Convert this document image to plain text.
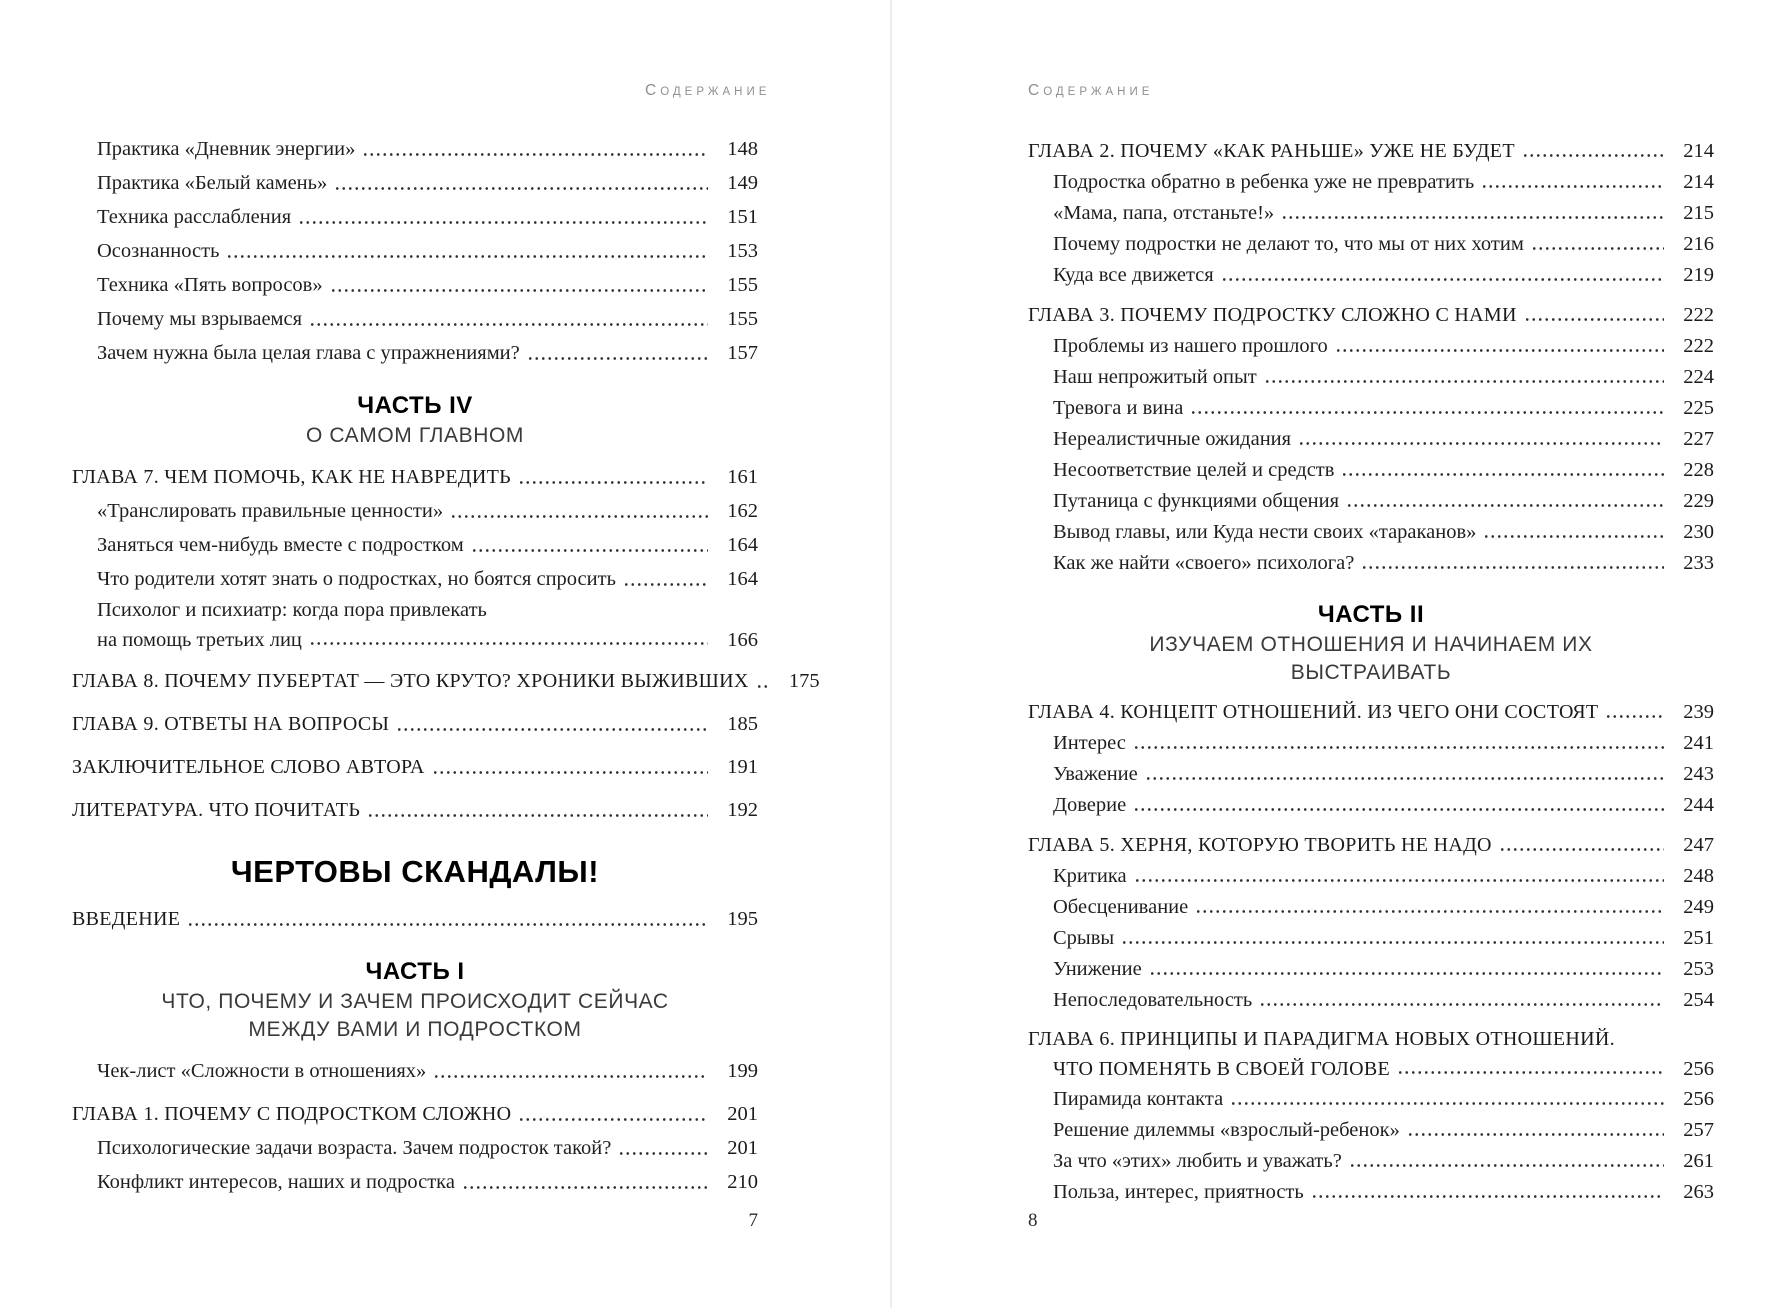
СОДЕРЖАНИЕ
Практика «Дневник энергии»	148
Практика «Белый камень»	149
Техника расслабления	151
Осознанность	153
Техника «Пять вопросов»	155
Почему мы взрываемся	155
Зачем нужна была целая глава с упражнениями?	157
ЧАСТЬ IV
О САМОМ ГЛАВНОМ
ГЛАВА 7. ЧЕМ ПОМОЧЬ, КАК НЕ НАВРЕДИТЬ	161
«Транслировать правильные ценности»	162
Заняться чем-нибудь вместе с подростком	164
Что родители хотят знать о подростках, но боятся спросить	164
Психолог и психиатр: когда пора привлекать
на помощь третьих лиц	166
ГЛАВА 8. ПОЧЕМУ ПУБЕРТАТ — ЭТО КРУТО? ХРОНИКИ ВЫЖИВШИХ	175
ГЛАВА 9. ОТВЕТЫ НА ВОПРОСЫ	185
ЗАКЛЮЧИТЕЛЬНОЕ СЛОВО АВТОРА	191
ЛИТЕРАТУРА. ЧТО ПОЧИТАТЬ	192
ЧЕРТОВЫ СКАНДАЛЫ!
ВВЕДЕНИЕ	195
ЧАСТЬ I
ЧТО, ПОЧЕМУ И ЗАЧЕМ ПРОИСХОДИТ СЕЙЧАС МЕЖДУ ВАМИ И ПОДРОСТКОМ
Чек-лист «Сложности в отношениях»	199
ГЛАВА 1. ПОЧЕМУ С ПОДРОСТКОМ СЛОЖНО	201
Психологические задачи возраста. Зачем подросток такой?	201
Конфликт интересов, наших и подростка	210
7
СОДЕРЖАНИЕ
ГЛАВА 2. ПОЧЕМУ «КАК РАНЬШЕ» УЖЕ НЕ БУДЕТ	214
Подростка обратно в ребенка уже не превратить	214
«Мама, папа, отстаньте!»	215
Почему подростки не делают то, что мы от них хотим	216
Куда все движется	219
ГЛАВА 3. ПОЧЕМУ ПОДРОСТКУ СЛОЖНО С НАМИ	222
Проблемы из нашего прошлого	222
Наш непрожитый опыт	224
Тревога и вина	225
Нереалистичные ожидания	227
Несоответствие целей и средств	228
Путаница с функциями общения	229
Вывод главы, или Куда нести своих «тараканов»	230
Как же найти «своего» психолога?	233
ЧАСТЬ II
ИЗУЧАЕМ ОТНОШЕНИЯ И НАЧИНАЕМ ИХ ВЫСТРАИВАТЬ
ГЛАВА 4. КОНЦЕПТ ОТНОШЕНИЙ. ИЗ ЧЕГО ОНИ СОСТОЯТ	239
Интерес	241
Уважение	243
Доверие	244
ГЛАВА 5. ХЕРНЯ, КОТОРУЮ ТВОРИТЬ НЕ НАДО	247
Критика	248
Обесценивание	249
Срывы	251
Унижение	253
Непоследовательность	254
ГЛАВА 6. ПРИНЦИПЫ И ПАРАДИГМА НОВЫХ ОТНОШЕНИЙ.
ЧТО ПОМЕНЯТЬ В СВОЕЙ ГОЛОВЕ	256
Пирамида контакта	256
Решение дилеммы «взрослый-ребенок»	257
За что «этих» любить и уважать?	261
Польза, интерес, приятность	263
8
